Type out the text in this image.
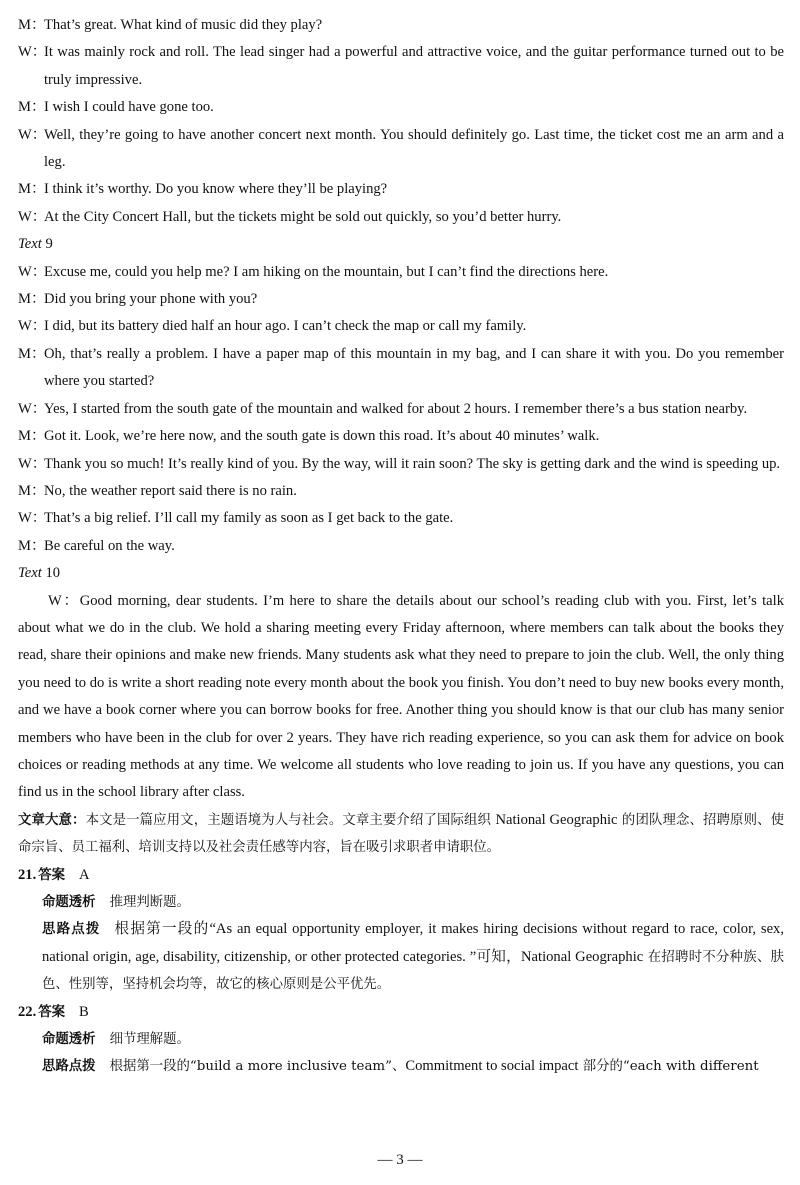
M：
That’s great. What kind of music did they play?
W：
It was mainly rock and roll. The lead singer had a powerful and attractive voice, and the guitar performance turned out to be truly impressive.
M：
I wish I could have gone too.
W：
Well, they’re going to have another concert next month. You should definitely go. Last time, the ticket cost me an arm and a leg.
M：
I think it’s worthy. Do you know where they’ll be playing?
W：
At the City Concert Hall, but the tickets might be sold out quickly, so you’d better hurry.
Text 9
W：
Excuse me, could you help me? I am hiking on the mountain, but I can’t find the directions here.
M：
Did you bring your phone with you?
W：
I did, but its battery died half an hour ago. I can’t check the map or call my family.
M：
Oh, that’s really a problem. I have a paper map of this mountain in my bag, and I can share it with you. Do you remember where you started?
W：
Yes, I started from the south gate of the mountain and walked for about 2 hours. I remember there’s a bus station nearby.
M：
Got it. Look, we’re here now, and the south gate is down this road. It’s about 40 minutes’ walk.
W：
Thank you so much! It’s really kind of you. By the way, will it rain soon? The sky is getting dark and the wind is speeding up.
M：
No, the weather report said there is no rain.
W：
That’s a big relief. I’ll call my family as soon as I get back to the gate.
M：
Be careful on the way.
Text 10
W：Good morning, dear students. I’m here to share the details about our school’s reading club with you. First, let’s talk about what we do in the club. We hold a sharing meeting every Friday afternoon, where members can talk about the books they read, share their opinions and make new friends. Many students ask what they need to prepare to join the club. Well, the only thing you need to do is write a short reading note every month about the book you finish. You don’t need to buy new books every month, and we have a book corner where you can borrow books for free. Another thing you should know is that our club has many senior members who have been in the club for over 2 years. They have rich reading experience, so you can ask them for advice on book choices or reading methods at any time. We welcome all students who love reading to join us. If you have any questions, you can find us in the school library after class.
文章大意：本文是一篇应用文，主题语境为人与社会。文章主要介绍了国际组织 National Geographic 的团队理念、招聘原则、使命宗旨、员工福利、培训支持以及社会责任感等内容，旨在吸引求职者申请职位。
21. 答案 A
命题透析 推理判断题。
思路点拨 根据第一段的“As an equal opportunity employer, it makes hiring decisions without regard to race, color, sex, national origin, age, disability, citizenship, or other protected categories. ”可知，National Geographic 在招聘时不分种族、肤色、性别等，坚持机会均等，故它的核心原则是公平优先。
22. 答案 B
命题透析 细节理解题。
思路点拨 根据第一段的“build a more inclusive team”、Commitment to social impact 部分的“each with different
— 3 —
